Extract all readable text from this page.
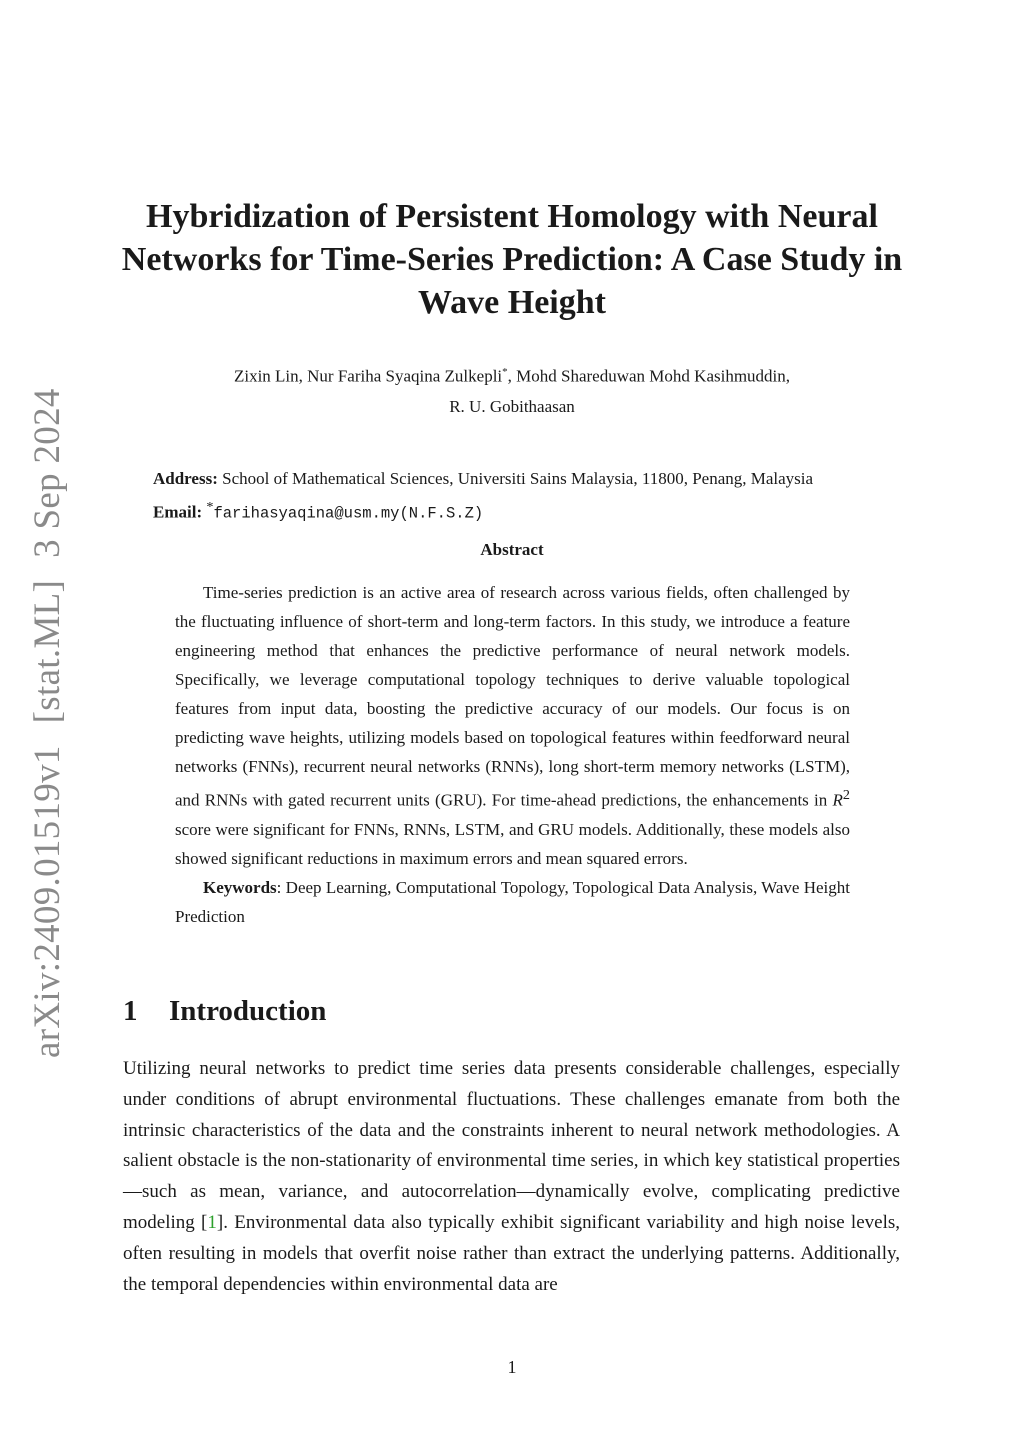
arXiv:2409.01519v1[stat.ML]3 Sep 2024
Hybridization of Persistent Homology with Neural Networks for Time-Series Prediction: A Case Study in Wave Height
Zixin Lin, Nur Fariha Syaqina Zulkepli*, Mohd Shareduwan Mohd Kasihmuddin,
R. U. Gobithaasan
Address: School of Mathematical Sciences, Universiti Sains Malaysia, 11800, Penang, Malaysia
Email: *farihasyaqina@usm.my(N.F.S.Z)
Abstract

Time-series prediction is an active area of research across various fields, often challenged by the fluctuating influence of short-term and long-term factors. In this study, we introduce a feature engineering method that enhances the predictive performance of neural network models. Specifically, we leverage computational topology techniques to derive valuable topological features from input data, boosting the predictive accuracy of our models. Our focus is on predicting wave heights, utilizing models based on topological features within feedforward neural networks (FNNs), recurrent neural networks (RNNs), long short-term memory networks (LSTM), and RNNs with gated recurrent units (GRU). For time-ahead predictions, the enhancements in $R^2$ score were significant for FNNs, RNNs, LSTM, and GRU models. Additionally, these models also showed significant reductions in maximum errors and mean squared errors.

Keywords: Deep Learning, Computational Topology, Topological Data Analysis, Wave Height Prediction

1 Introduction

Utilizing neural networks to predict time series data presents considerable challenges, especially under conditions of abrupt environmental fluctuations. These challenges emanate from both the intrinsic characteristics of the data and the constraints inherent to neural network methodologies. A salient obstacle is the non-stationarity of environmental time series, in which key statistical properties—such as mean, variance, and autocorrelation—dynamically evolve, complicating predictive modeling [1]. Environmental data also typically exhibit significant variability and high noise levels, often resulting in models that overfit noise rather than extract the underlying patterns. Additionally, the temporal dependencies within environmental data are

1
